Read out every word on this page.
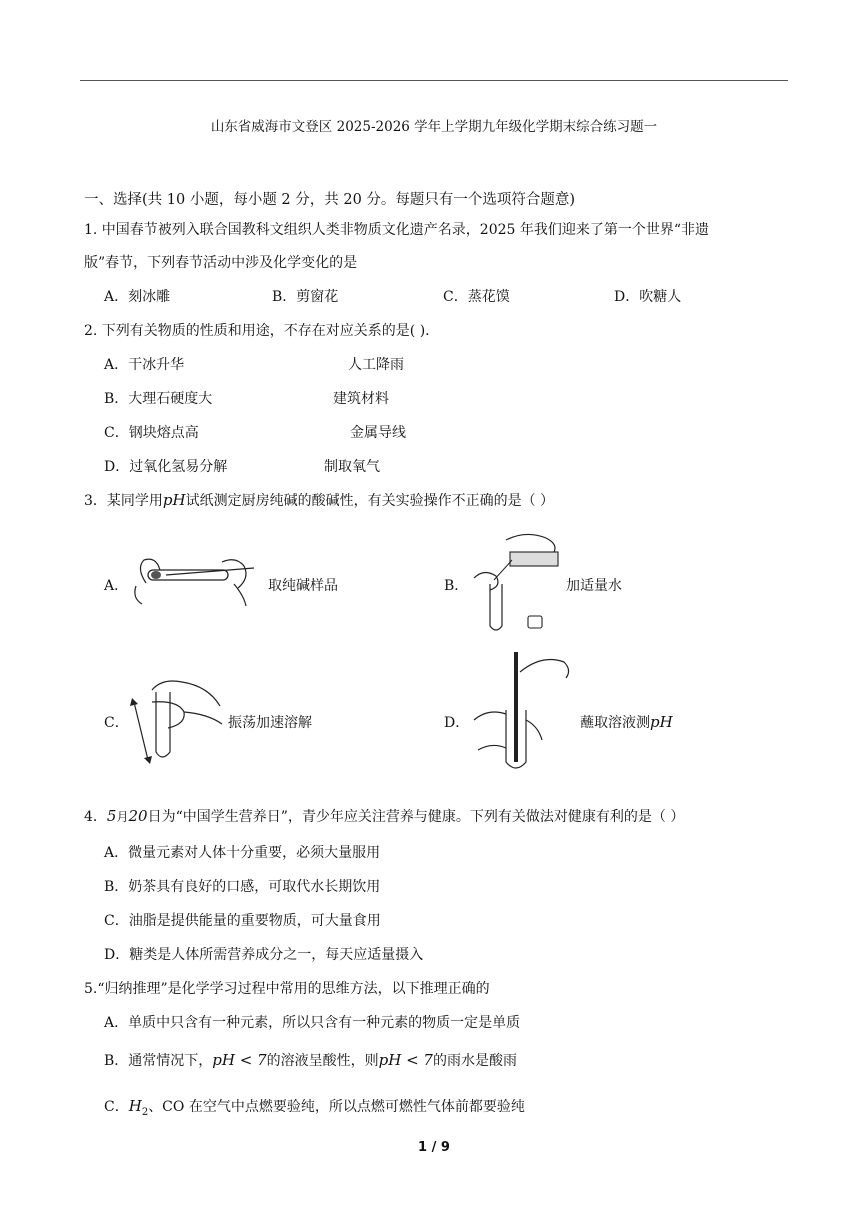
山东省威海市文登区 2025-2026 学年上学期九年级化学期末综合练习题一
一、选择(共 10 小题，每小题 2 分，共 20 分。每题只有一个选项符合题意)
1. 中国春节被列入联合国教科文组织人类非物质文化遗产名录，2025 年我们迎来了第一个世界“非遗
版”春节，下列春节活动中涉及化学变化的是
A．刻冰雕	B．剪窗花	C．蒸花馍	D．吹糖人
2. 下列有关物质的性质和用途，不存在对应关系的是( ).
A．干冰升华	人工降雨
B．大理石硬度大	建筑材料
C．钢块熔点高	金属导线
D．过氧化氢易分解	制取氧气
3．某同学用pH试纸测定厨房纯碱的酸碱性，有关实验操作不正确的是（ ）
A．	取纯碱样品	B．	加适量水
C．	振荡加速溶解	D．	蘸取溶液测pH
4．5月20日为“中国学生营养日”，青少年应关注营养与健康。下列有关做法对健康有利的是（ ）
A．微量元素对人体十分重要，必须大量服用
B．奶茶具有良好的口感，可取代水长期饮用
C．油脂是提供能量的重要物质，可大量食用
D．糖类是人体所需营养成分之一，每天应适量摄入
5.“归纳推理”是化学学习过程中常用的思维方法，以下推理正确的
A．单质中只含有一种元素，所以只含有一种元素的物质一定是单质
B．通常情况下，pH < 7的溶液呈酸性，则pH < 7的雨水是酸雨
C．$H_2$、CO 在空气中点燃要验纯，所以点燃可燃性气体前都要验纯
1 / 9
